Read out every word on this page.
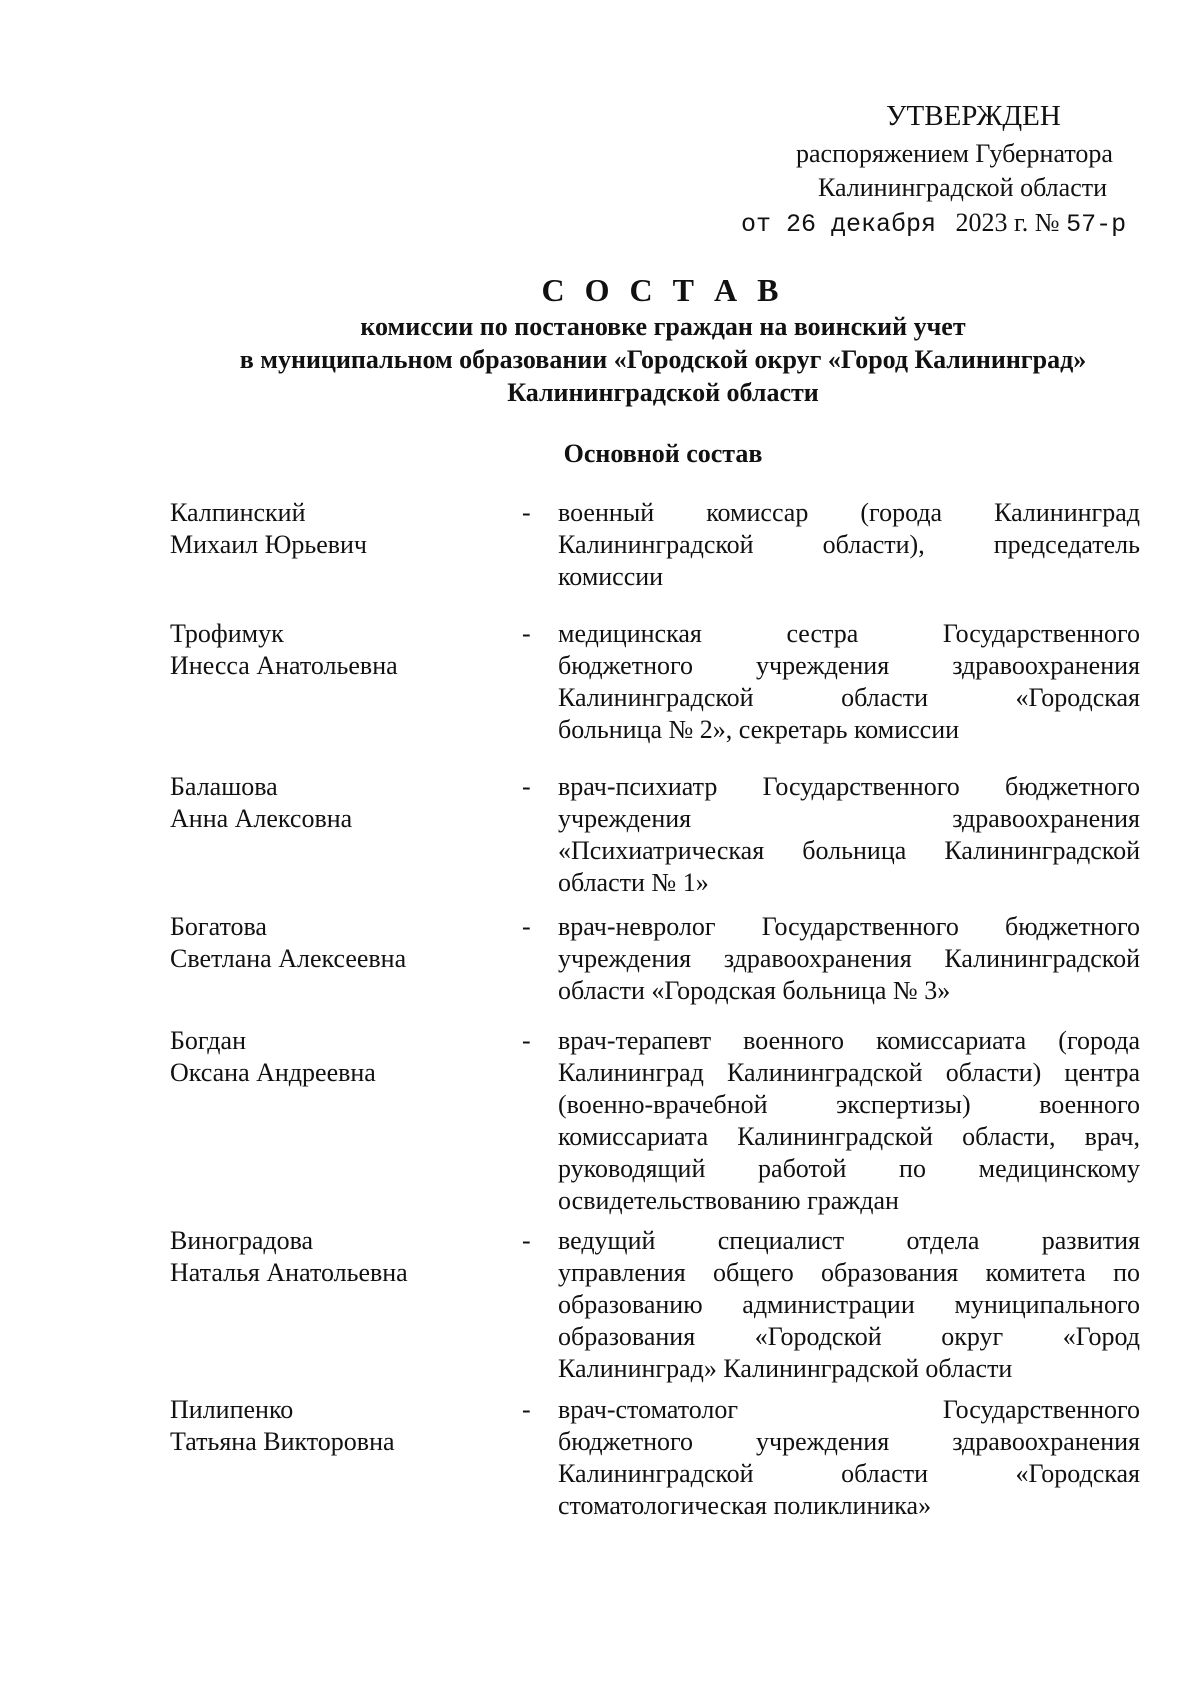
УТВЕРЖДЕН
распоряжением Губернатора
Калининградской области
от 26 декабря 2023 г. № 57-р
С О С Т А В
комиссии по постановке граждан на воинский учет
в муниципальном образовании «Городской округ «Город Калининград»
Калининградской области
Основной состав
Калпинский
Михаил Юрьевич
-	военный комиссар (города Калининград
Калининградской области), председатель
комиссии
Трофимук
Инесса Анатольевна
-	медицинская сестра Государственного
бюджетного учреждения здравоохранения
Калининградской области «Городская
больница № 2», секретарь комиссии
Балашова
Анна Алексовна
-	врач-психиатр Государственного бюджетного
учреждения здравоохранения
«Психиатрическая больница Калининградской
области № 1»
Богатова
Светлана Алексеевна
-	врач-невролог Государственного бюджетного
учреждения здравоохранения Калининградской
области «Городская больница № 3»
Богдан
Оксана Андреевна
-	врач-терапевт военного комиссариата (города
Калининград Калининградской области) центра
(военно-врачебной экспертизы) военного
комиссариата Калининградской области, врач,
руководящий работой по медицинскому
освидетельствованию граждан
Виноградова
Наталья Анатольевна
-	ведущий специалист отдела развития
управления общего образования комитета по
образованию администрации муниципального
образования «Городской округ «Город
Калининград» Калининградской области
Пилипенко
Татьяна Викторовна
-	врач-стоматолог Государственного
бюджетного учреждения здравоохранения
Калининградской области «Городская
стоматологическая поликлиника»
